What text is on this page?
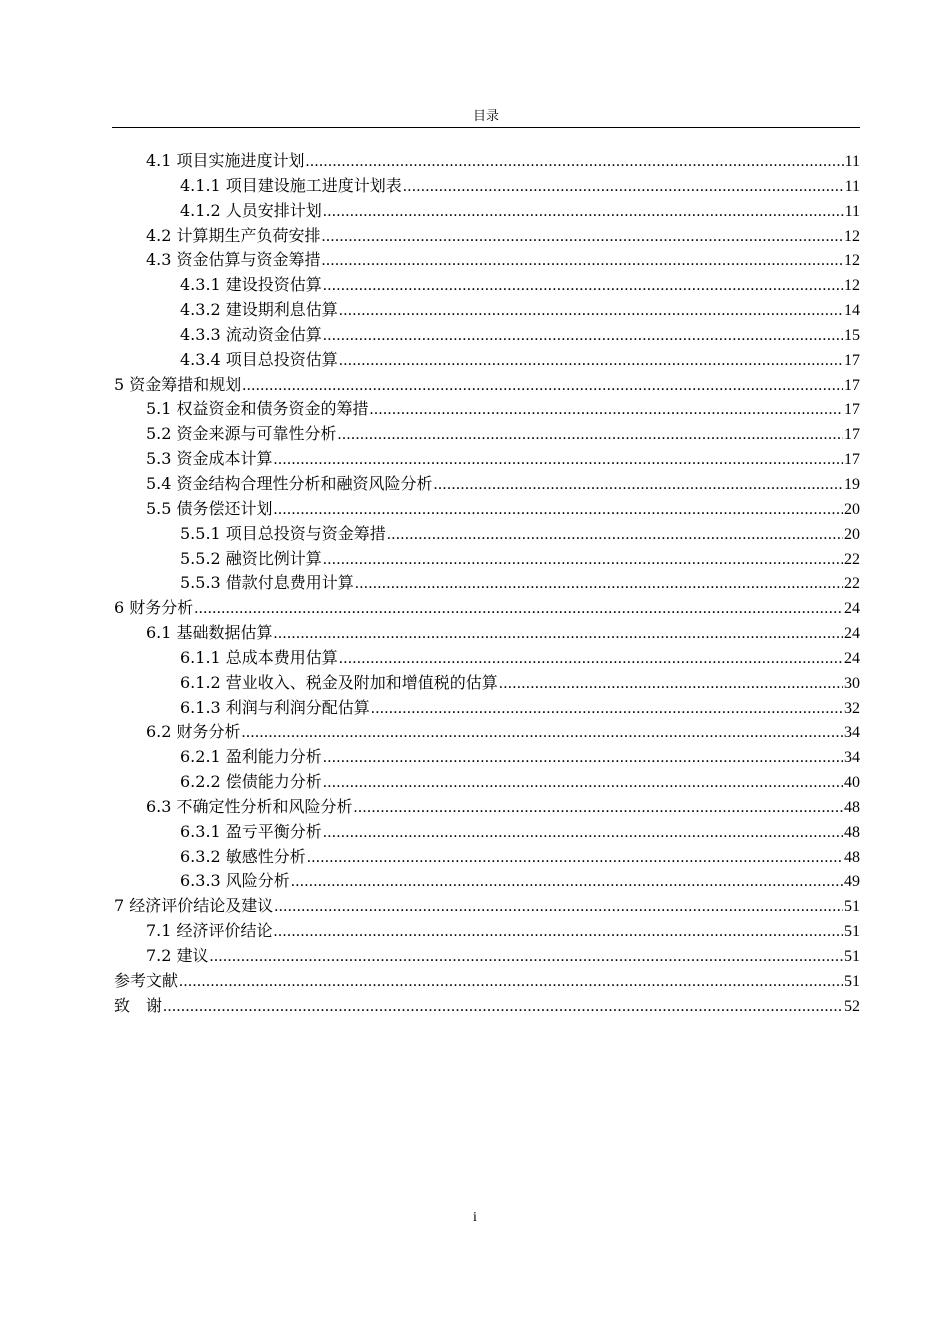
目录
4.1 项目实施进度计划 .....	11
4.1.1 项目建设施工进度计划表 .....	11
4.1.2 人员安排计划 .....	11
4.2 计算期生产负荷安排 .....	12
4.3 资金估算与资金筹措 .....	12
4.3.1 建设投资估算 .....	12
4.3.2 建设期利息估算 .....	14
4.3.3 流动资金估算 .....	15
4.3.4 项目总投资估算 .....	17
5 资金筹措和规划 .....	17
5.1 权益资金和债务资金的筹措 .....	17
5.2 资金来源与可靠性分析 .....	17
5.3 资金成本计算 .....	17
5.4 资金结构合理性分析和融资风险分析 .....	19
5.5 债务偿还计划 .....	20
5.5.1 项目总投资与资金筹措 .....	20
5.5.2 融资比例计算 .....	22
5.5.3 借款付息费用计算 .....	22
6 财务分析 .....	24
6.1 基础数据估算 .....	24
6.1.1 总成本费用估算 .....	24
6.1.2 营业收入、税金及附加和增值税的估算 .....	30
6.1.3 利润与利润分配估算 .....	32
6.2 财务分析 .....	34
6.2.1 盈利能力分析 .....	34
6.2.2 偿债能力分析 .....	40
6.3 不确定性分析和风险分析 .....	48
6.3.1 盈亏平衡分析 .....	48
6.3.2 敏感性分析 .....	48
6.3.3 风险分析 .....	49
7 经济评价结论及建议 .....	51
7.1 经济评价结论 .....	51
7.2 建议 .....	51
参考文献 .....	51
致　谢 .....	52
i
